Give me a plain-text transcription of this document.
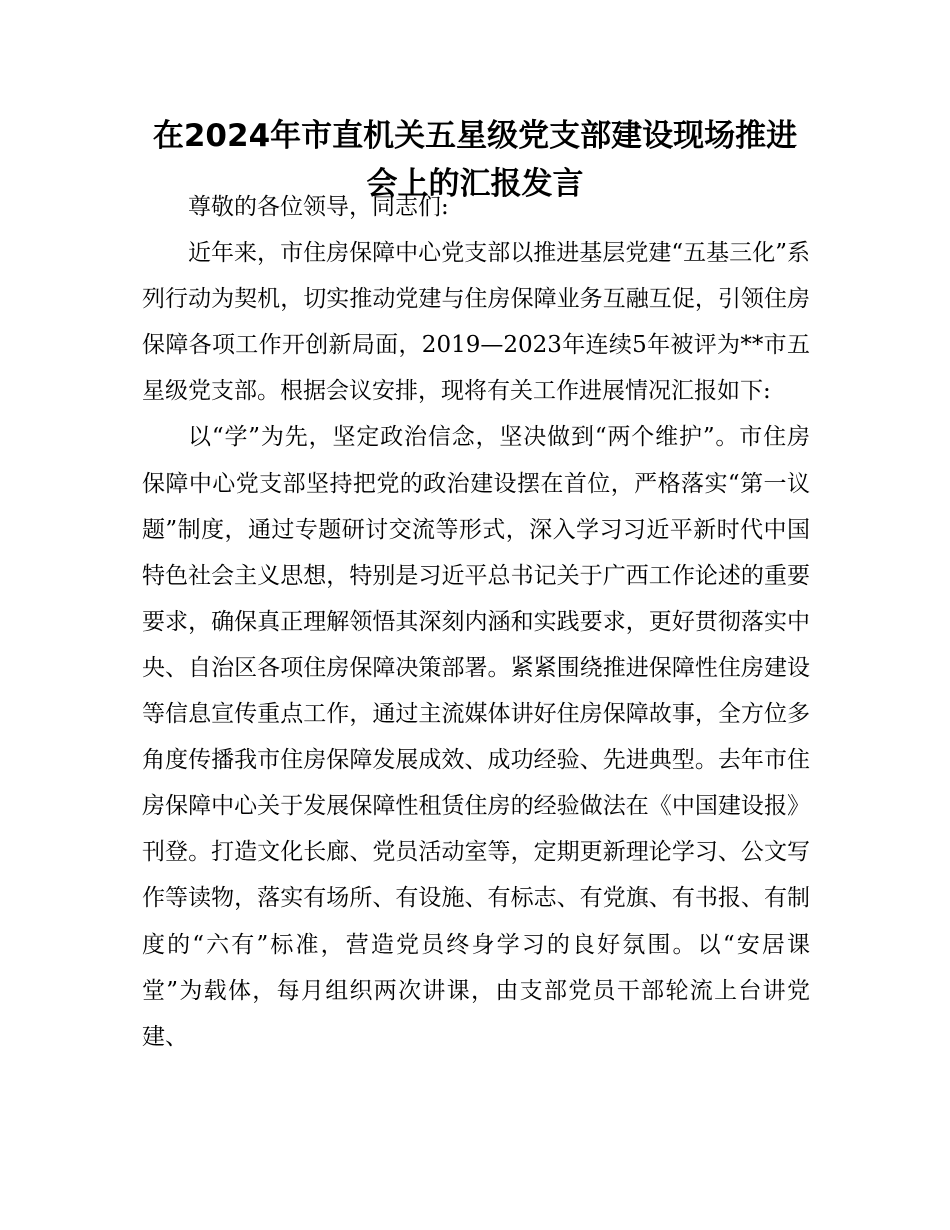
在2024年市直机关五星级党支部建设现场推进会上的汇报发言

尊敬的各位领导，同志们:

近年来，市住房保障中心党支部以推进基层党建“五基三化”系列行动为契机，切实推动党建与住房保障业务互融互促，引领住房保障各项工作开创新局面，2019—2023年连续5年被评为**市五星级党支部。根据会议安排，现将有关工作进展情况汇报如下:

以“学”为先，坚定政治信念，坚决做到“两个维护”。市住房保障中心党支部坚持把党的政治建设摆在首位，严格落实“第一议题”制度，通过专题研讨交流等形式，深入学习习近平新时代中国特色社会主义思想，特别是习近平总书记关于广西工作论述的重要要求，确保真正理解领悟其深刻内涵和实践要求，更好贯彻落实中央、自治区各项住房保障决策部署。紧紧围绕推进保障性住房建设等信息宣传重点工作，通过主流媒体讲好住房保障故事，全方位多角度传播我市住房保障发展成效、成功经验、先进典型。去年市住房保障中心关于发展保障性租赁住房的经验做法在《中国建设报》刊登。打造文化长廊、党员活动室等，定期更新理论学习、公文写作等读物，落实有场所、有设施、有标志、有党旗、有书报、有制度的“六有”标准，营造党员终身学习的良好氛围。以“安居课堂”为载体，每月组织两次讲课，由支部党员干部轮流上台讲党建、
